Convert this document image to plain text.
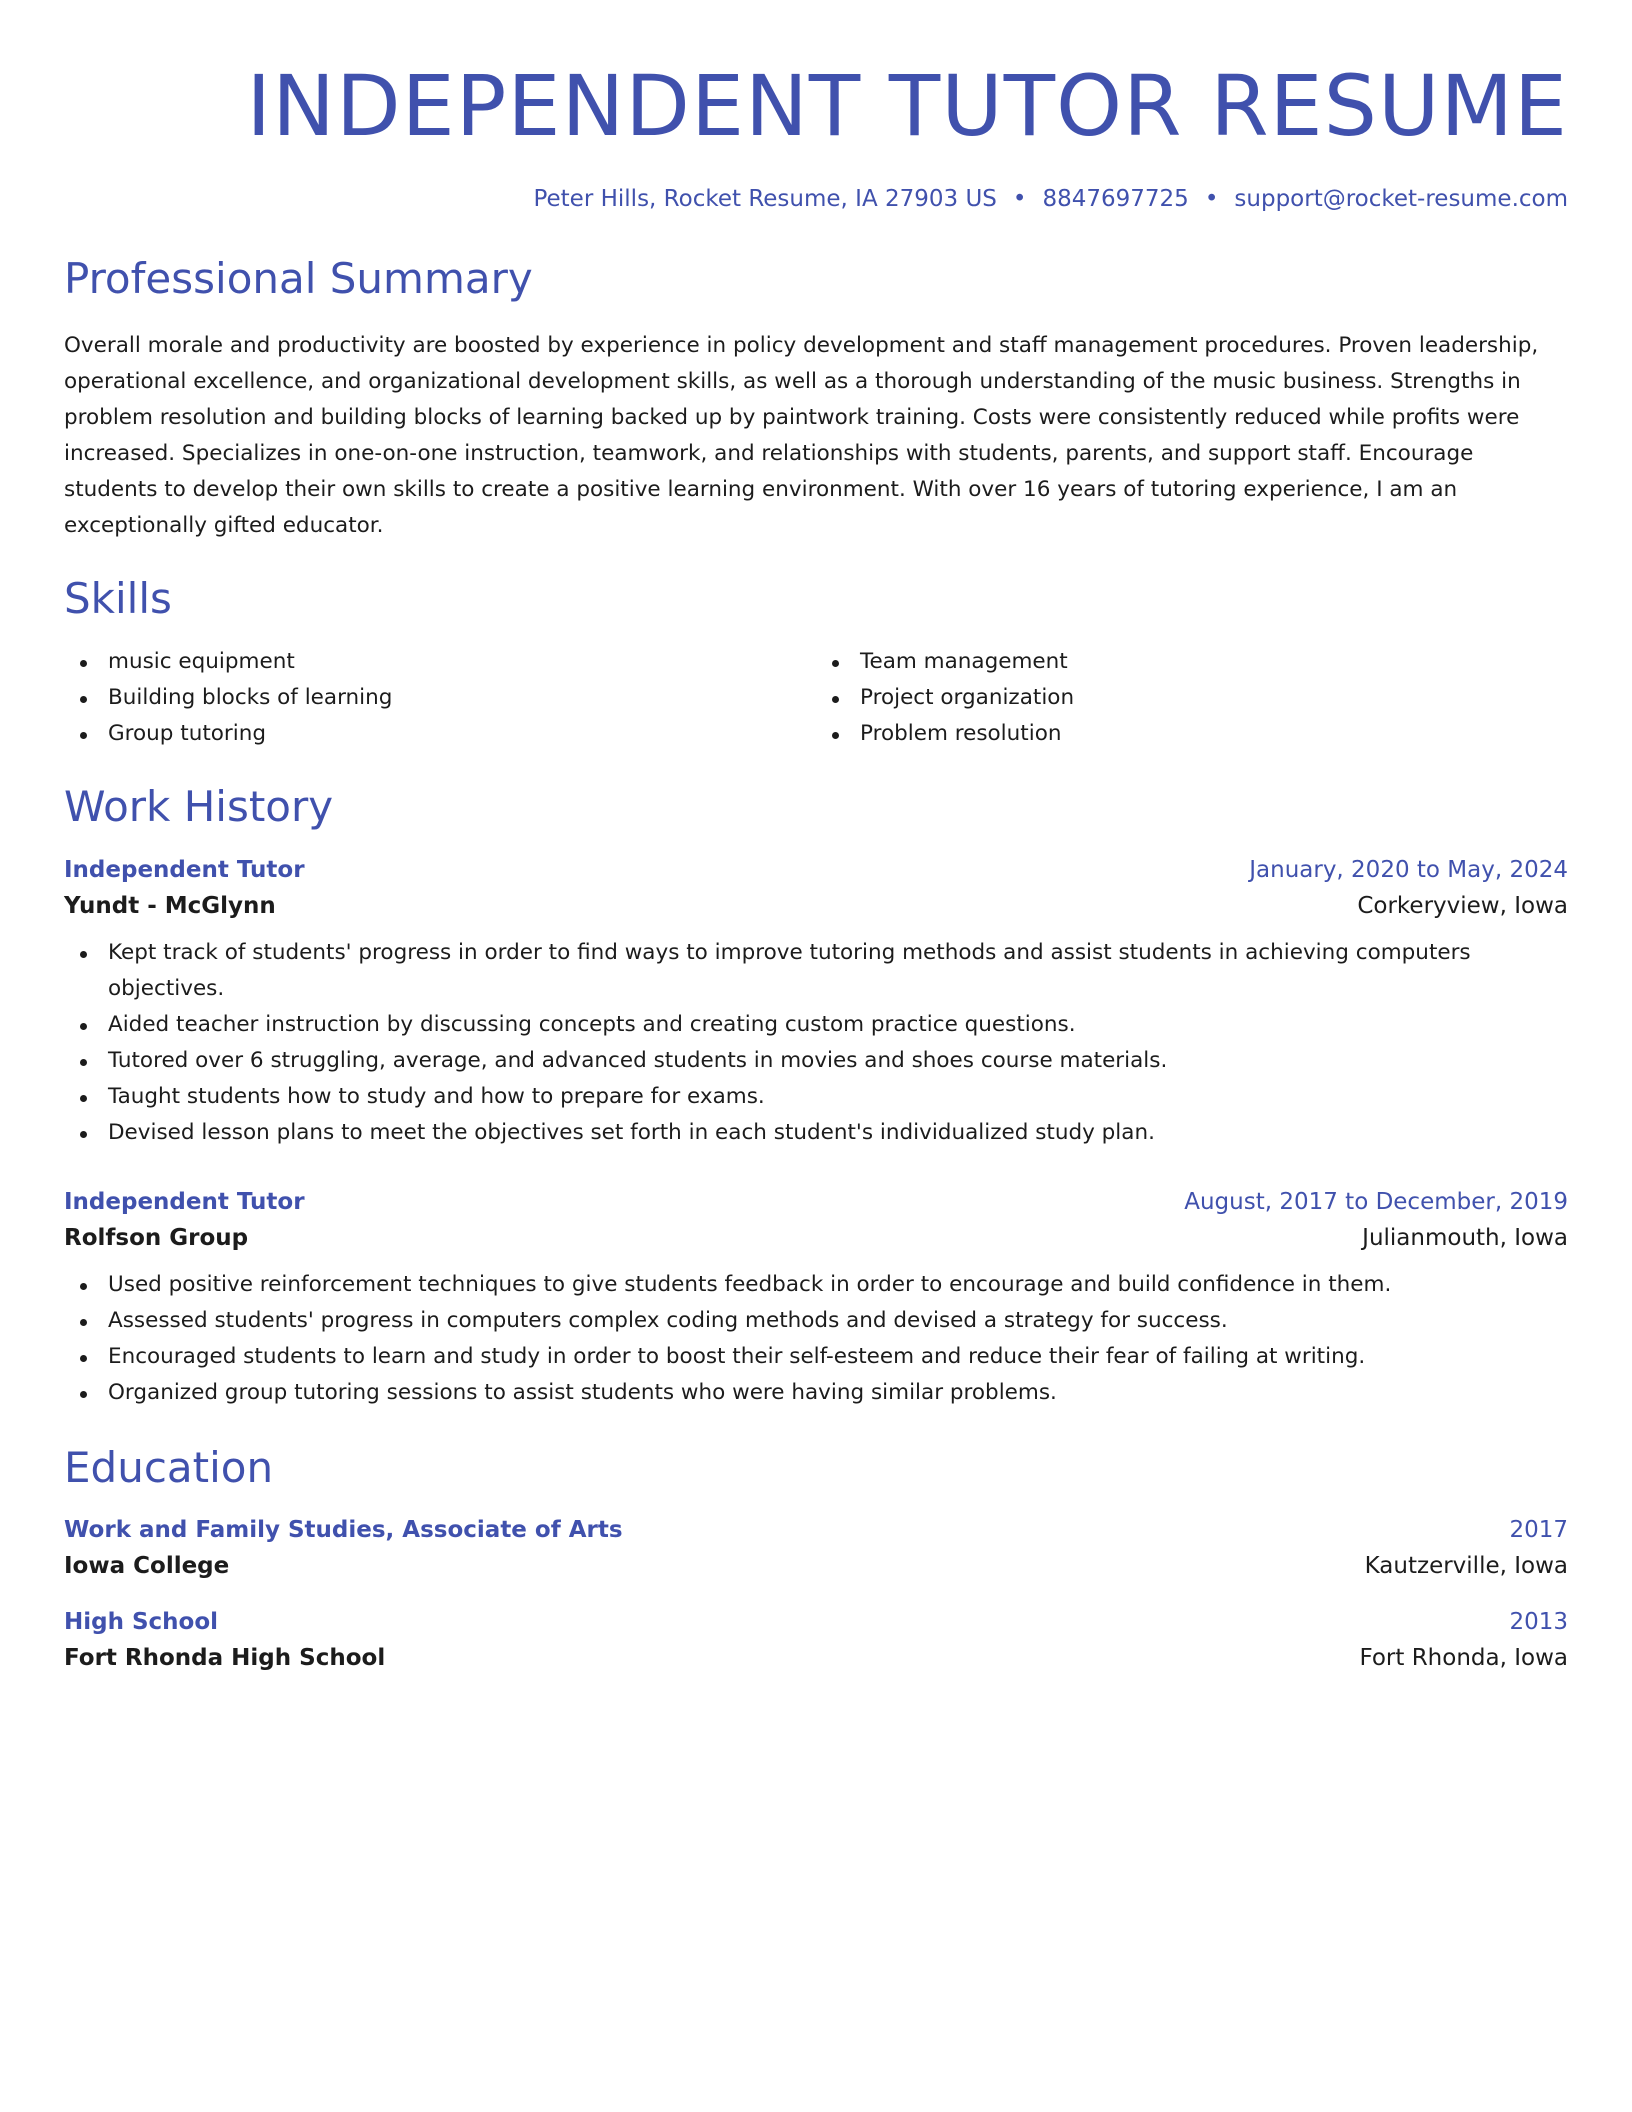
INDEPENDENT TUTOR RESUME
Peter Hills, Rocket Resume, IA 27903 US • 8847697725 • support@rocket-resume.com
Professional Summary
Overall morale and productivity are boosted by experience in policy development and staff management procedures. Proven leadership, operational excellence, and organizational development skills, as well as a thorough understanding of the music business. Strengths in problem resolution and building blocks of learning backed up by paintwork training. Costs were consistently reduced while profits were increased. Specializes in one-on-one instruction, teamwork, and relationships with students, parents, and support staff. Encourage students to develop their own skills to create a positive learning environment. With over 16 years of tutoring experience, I am an exceptionally gifted educator.
Skills
music equipment
Building blocks of learning
Group tutoring
Team management
Project organization
Problem resolution
Work History
Independent Tutor	January, 2020 to May, 2024
Yundt - McGlynn	Corkeryview, Iowa
Kept track of students' progress in order to find ways to improve tutoring methods and assist students in achieving computers objectives.
Aided teacher instruction by discussing concepts and creating custom practice questions.
Tutored over 6 struggling, average, and advanced students in movies and shoes course materials.
Taught students how to study and how to prepare for exams.
Devised lesson plans to meet the objectives set forth in each student's individualized study plan.
Independent Tutor	August, 2017 to December, 2019
Rolfson Group	Julianmouth, Iowa
Used positive reinforcement techniques to give students feedback in order to encourage and build confidence in them.
Assessed students' progress in computers complex coding methods and devised a strategy for success.
Encouraged students to learn and study in order to boost their self-esteem and reduce their fear of failing at writing.
Organized group tutoring sessions to assist students who were having similar problems.
Education
Work and Family Studies, Associate of Arts	2017
Iowa College	Kautzerville, Iowa
High School	2013
Fort Rhonda High School	Fort Rhonda, Iowa
